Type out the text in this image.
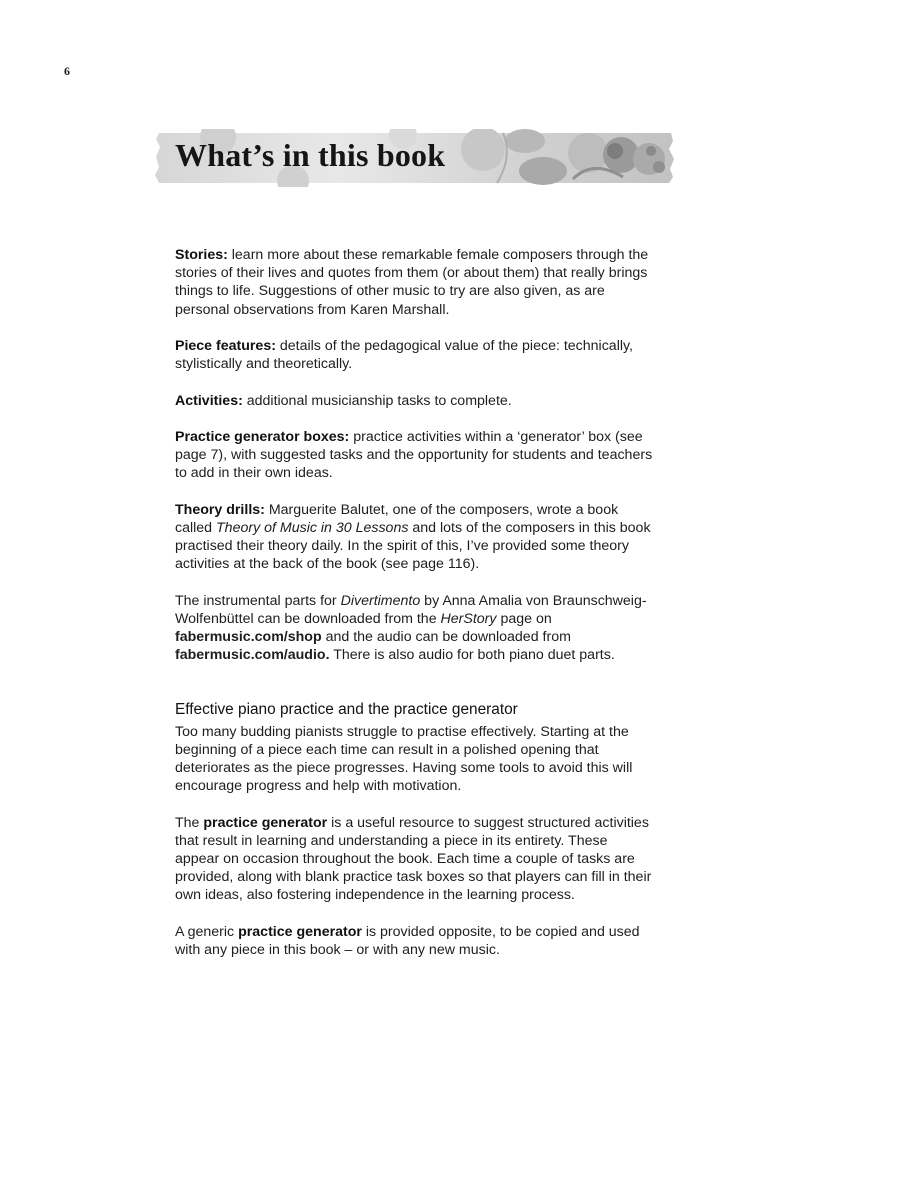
6
What’s in this book

Stories: learn more about these remarkable female composers through the stories of their lives and quotes from them (or about them) that really brings things to life. Suggestions of other music to try are also given, as are personal observations from Karen Marshall.

Piece features: details of the pedagogical value of the piece: technically, stylistically and theoretically.

Activities: additional musicianship tasks to complete.

Practice generator boxes: practice activities within a ‘generator’ box (see page 7), with suggested tasks and the opportunity for students and teachers to add in their own ideas.

Theory drills: Marguerite Balutet, one of the composers, wrote a book called Theory of Music in 30 Lessons and lots of the composers in this book practised their theory daily. In the spirit of this, I’ve provided some theory activities at the back of the book (see page 116).

The instrumental parts for Divertimento by Anna Amalia von Braunschweig-Wolfenbüttel can be downloaded from the HerStory page on fabermusic.com/shop and the audio can be downloaded from fabermusic.com/audio. There is also audio for both piano duet parts.

Effective piano practice and the practice generator

Too many budding pianists struggle to practise effectively. Starting at the beginning of a piece each time can result in a polished opening that deteriorates as the piece progresses. Having some tools to avoid this will encourage progress and help with motivation.

The practice generator is a useful resource to suggest structured activities that result in learning and understanding a piece in its entirety. These appear on occasion throughout the book. Each time a couple of tasks are provided, along with blank practice task boxes so that players can fill in their own ideas, also fostering independence in the learning process.

A generic practice generator is provided opposite, to be copied and used with any piece in this book – or with any new music.
